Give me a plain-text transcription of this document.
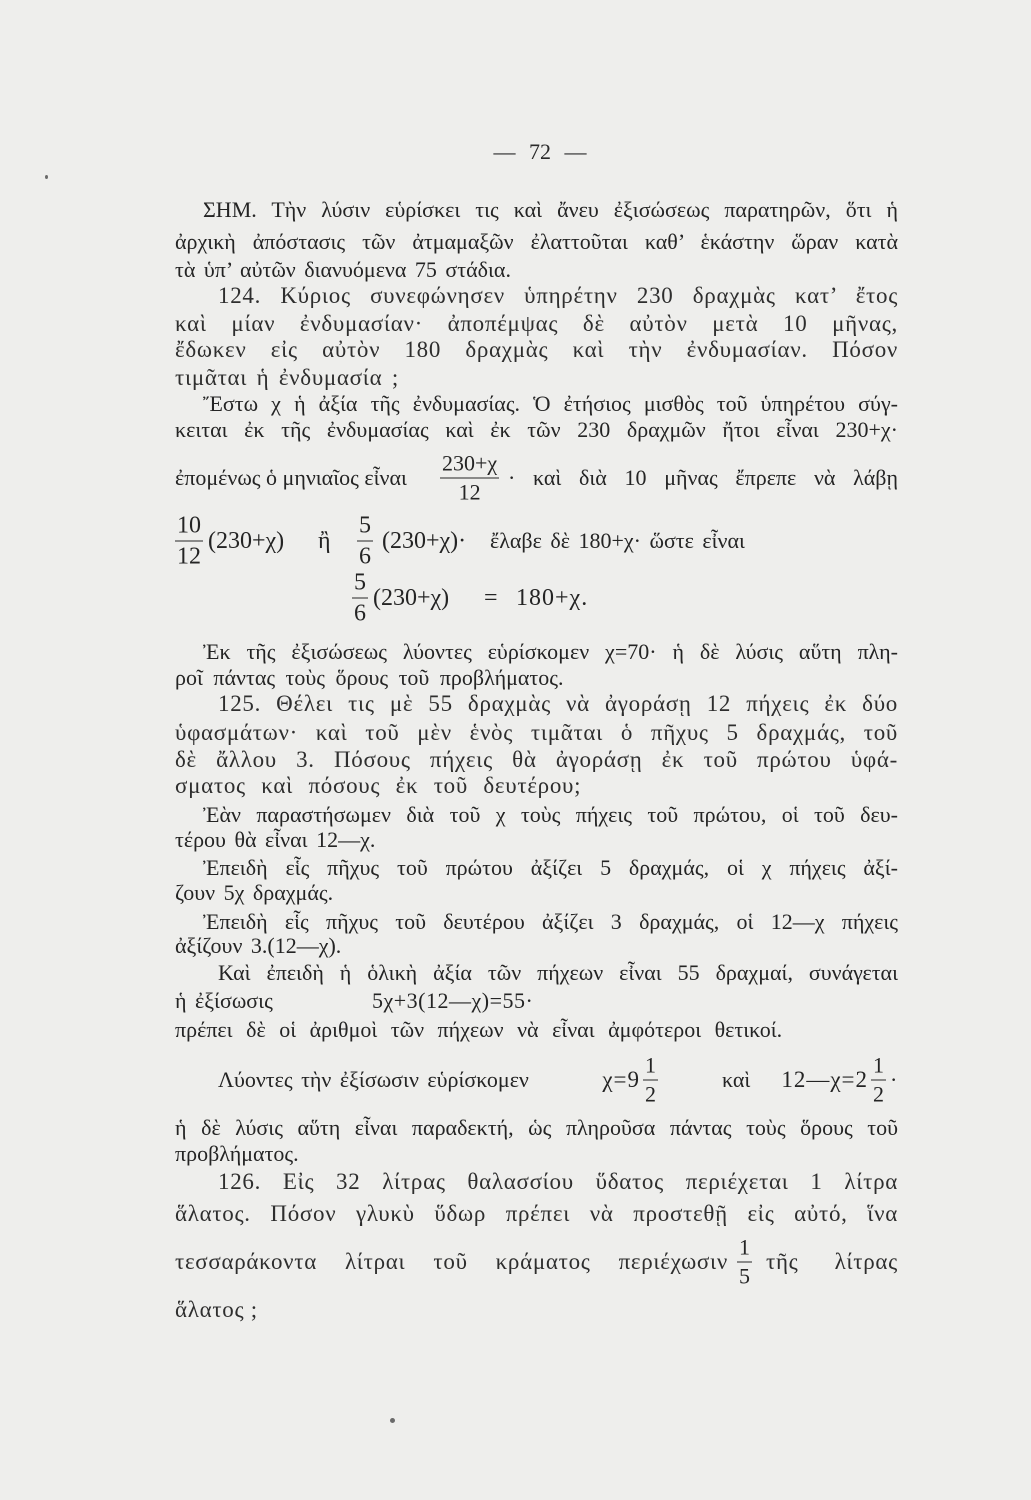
— 72 —
ΣΗΜ. Τὴν λύσιν εὑρίσκει τις καὶ ἄνευ ἐξισώσεως παρατηρῶν, ὅτι ἡ
ἀρχικὴ ἀπόστασις τῶν ἀτμαμαξῶν ἐλαττοῦται καθ’ ἑκάστην ὥραν κατὰ
τὰ ὑπ’ αὐτῶν διανυόμενα 75 στάδια.
124. Κύριος συνεφώνησεν ὑπηρέτην 230 δραχμὰς κατ’ ἔτος
καὶ μίαν ἐνδυμασίαν· ἀποπέμψας δὲ αὐτὸν μετὰ 10 μῆνας,
ἔδωκεν εἰς αὐτὸν 180 δραχμὰς καὶ τὴν ἐνδυμασίαν. Πόσον
τιμᾶται ἡ ἐνδυμασία ;
Ἔστω χ ἡ ἀξία τῆς ἐνδυμασίας. Ὁ ἐτήσιος μισθὸς τοῦ ὑπηρέτου σύγ-
κειται ἐκ τῆς ἐνδυμασίας καὶ ἐκ τῶν 230 δραχμῶν ἤτοι εἶναι 230+χ·
ἐπομένως ὁ μηνιαῖος εἶναι $\frac{230+\chi}{12}$ · καὶ διὰ 10 μῆνας ἔπρεπε νὰ λάβῃ
$\frac{10}{12} (230+\chi)$ ἢ $\frac{5}{6} (230+\chi)\cdot$ ἔλαβε δὲ 180+χ· ὥστε εἶναι
$\frac{5}{6} (230+\chi) = 180+\chi$.
Ἐκ τῆς ἐξισώσεως λύοντες εὑρίσκομεν χ=70· ἡ δὲ λύσις αὕτη πλη-
ροῖ πάντας τοὺς ὅρους τοῦ προβλήματος.
125. Θέλει τις μὲ 55 δραχμὰς νὰ ἀγοράσῃ 12 πήχεις ἐκ δύο
ὑφασμάτων· καὶ τοῦ μὲν ἑνὸς τιμᾶται ὁ πῆχυς 5 δραχμάς, τοῦ
δὲ ἄλλου 3. Πόσους πήχεις θὰ ἀγοράσῃ ἐκ τοῦ πρώτου ὑφά-
σματος καὶ πόσους ἐκ τοῦ δευτέρου;
Ἐὰν παραστήσωμεν διὰ τοῦ χ τοὺς πήχεις τοῦ πρώτου, οἱ τοῦ δευ-
τέρου θὰ εἶναι 12—χ.
Ἐπειδὴ εἷς πῆχυς τοῦ πρώτου ἀξίζει 5 δραχμάς, οἱ χ πήχεις ἀξί-
ζουν 5χ δραχμάς.
Ἐπειδὴ εἷς πῆχυς τοῦ δευτέρου ἀξίζει 3 δραχμάς, οἱ 12—χ πήχεις
ἀξίζουν 3.(12—χ).
Καὶ ἐπειδὴ ἡ ὁλικὴ ἀξία τῶν πήχεων εἶναι 55 δραχμαί, συνάγεται
ἡ ἐξίσωσις	5χ+3(12—χ)=55·
πρέπει δὲ οἱ ἀριθμοὶ τῶν πήχεων νὰ εἶναι ἀμφότεροι θετικοί.
Λύοντες τὴν ἐξίσωσιν εὑρίσκομεν	$\chi=9 \frac{1}{2}$	καὶ 12—χ=2 $\frac{1}{2}$ ·
ἡ δὲ λύσις αὕτη εἶναι παραδεκτή, ὡς πληροῦσα πάντας τοὺς ὅρους τοῦ
προβλήματος.
126. Εἰς 32 λίτρας θαλασσίου ὕδατος περιέχεται 1 λίτρα
ἅλατος. Πόσον γλυκὺ ὕδωρ πρέπει νὰ προστεθῇ εἰς αὐτό, ἵνα
τεσσαράκοντα λίτραι τοῦ κράματος περιέχωσιν $\frac{1}{5}$ τῆς λίτρας
ἅλατος ;
